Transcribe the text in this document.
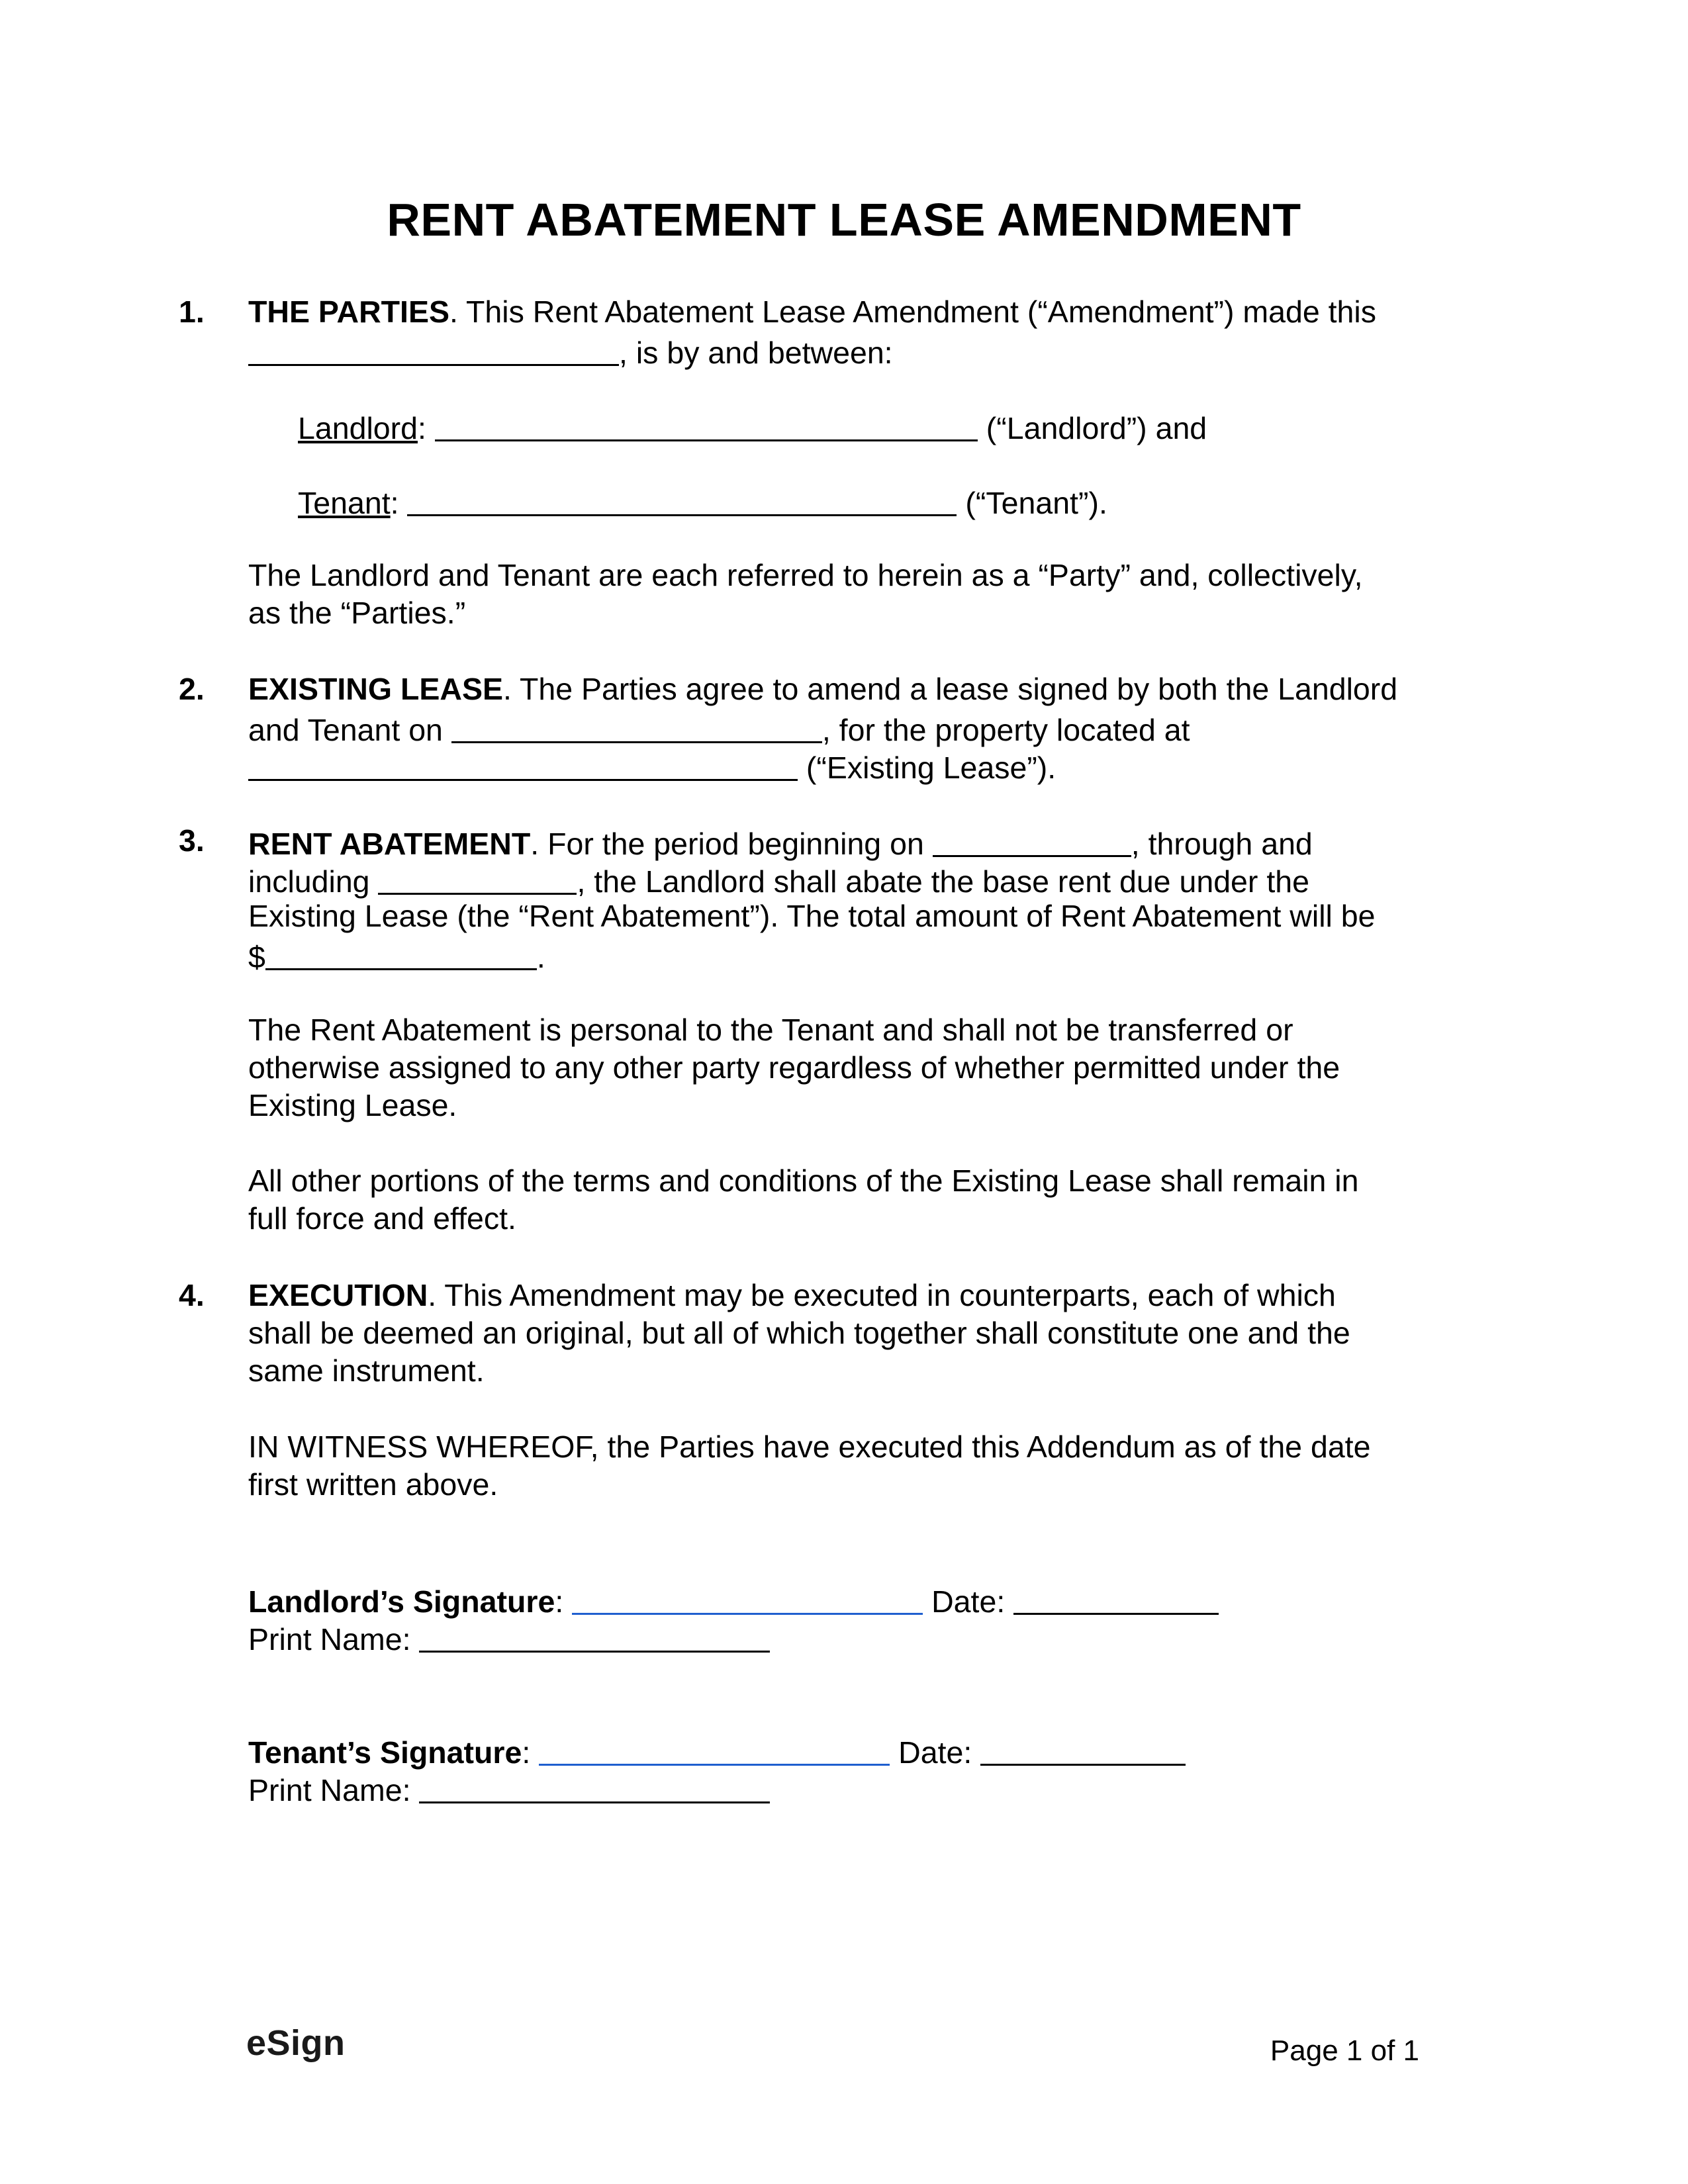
RENT ABATEMENT LEASE AMENDMENT
1. THE PARTIES. This Rent Abatement Lease Amendment (“Amendment”) made this
, is by and between:
Landlord:	(“Landlord”) and
Tenant:	(“Tenant”).
The Landlord and Tenant are each referred to herein as a “Party” and, collectively,
as the “Parties.”
2. EXISTING LEASE. The Parties agree to amend a lease signed by both the Landlord
and Tenant on	, for the property located at
(“Existing Lease”).
3. RENT ABATEMENT. For the period beginning on	, through and
including	, the Landlord shall abate the base rent due under the
Existing Lease (the “Rent Abatement”). The total amount of Rent Abatement will be
$	.
The Rent Abatement is personal to the Tenant and shall not be transferred or
otherwise assigned to any other party regardless of whether permitted under the
Existing Lease.
All other portions of the terms and conditions of the Existing Lease shall remain in
full force and effect.
4. EXECUTION. This Amendment may be executed in counterparts, each of which
shall be deemed an original, but all of which together shall constitute one and the
same instrument.
IN WITNESS WHEREOF, the Parties have executed this Addendum as of the date
first written above.
Landlord’s Signature:	Date:
Print Name:
Tenant’s Signature:	Date:
Print Name:
eSign	Page 1 of 1
